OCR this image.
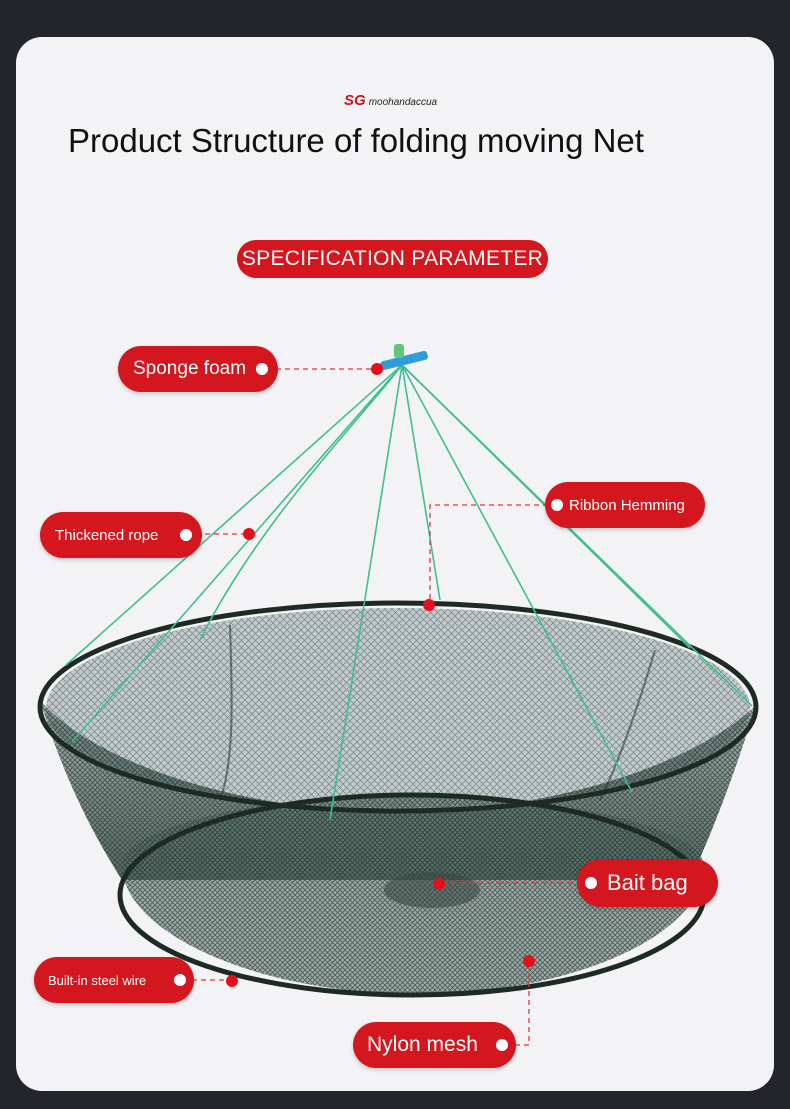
SG moohandaccua
Product Structure of folding moving Net
SPECIFICATION PARAMETER
Sponge foam
Thickened rope
Ribbon Hemming
Bait bag
Built-in steel wire
Nylon mesh
